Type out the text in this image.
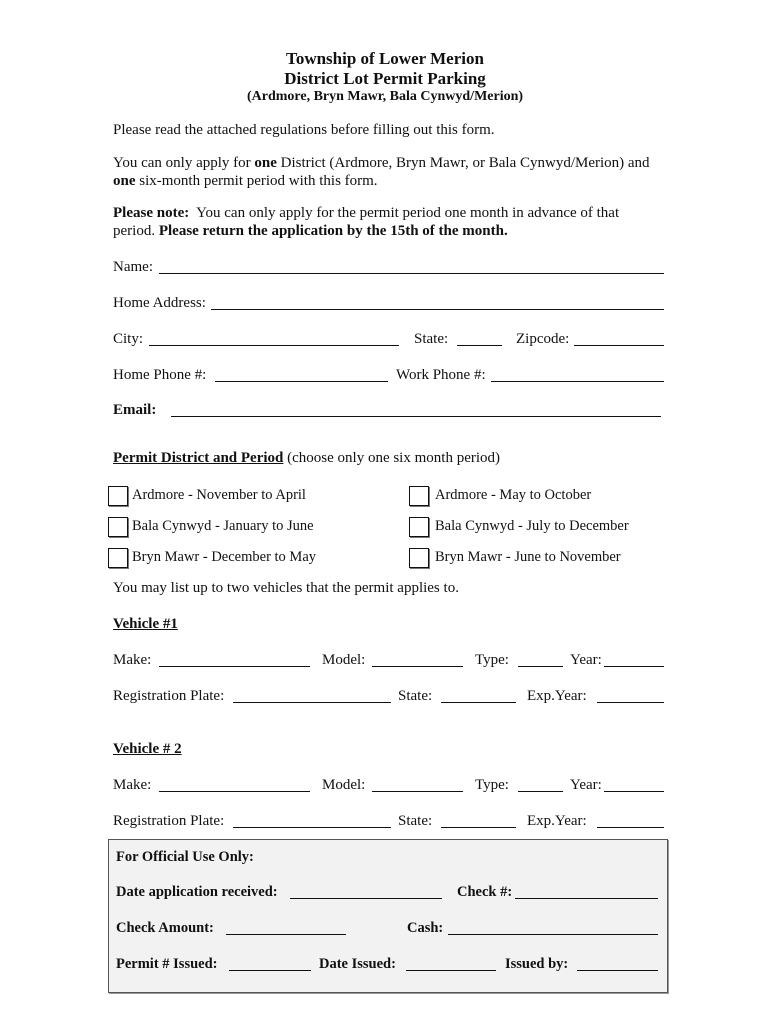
Township of Lower Merion
District Lot Permit Parking
(Ardmore, Bryn Mawr, Bala Cynwyd/Merion)
Please read the attached regulations before filling out this form.
You can only apply for one District (Ardmore, Bryn Mawr, or Bala Cynwyd/Merion) and
one six-month permit period with this form.
Please note:  You can only apply for the permit period one month in advance of that
period. Please return the application by the 15th of the month.
Name:
Home Address:
City:	State:	Zipcode:
Home Phone #:	Work Phone #:
Email:
Permit District and Period (choose only one six month period)
Ardmore - November to April	Ardmore - May to October
Bala Cynwyd - January to June	Bala Cynwyd - July to December
Bryn Mawr - December to May	Bryn Mawr - June to November
You may list up to two vehicles that the permit applies to.
Vehicle #1
Make:	Model:	Type:	Year:
Registration Plate:	State:	Exp.Year:
Vehicle # 2
Make:	Model:	Type:	Year:
Registration Plate:	State:	Exp.Year:
For Official Use Only:
Date application received:	Check #:
Check Amount:	Cash:
Permit # Issued:	Date Issued:	Issued by:
